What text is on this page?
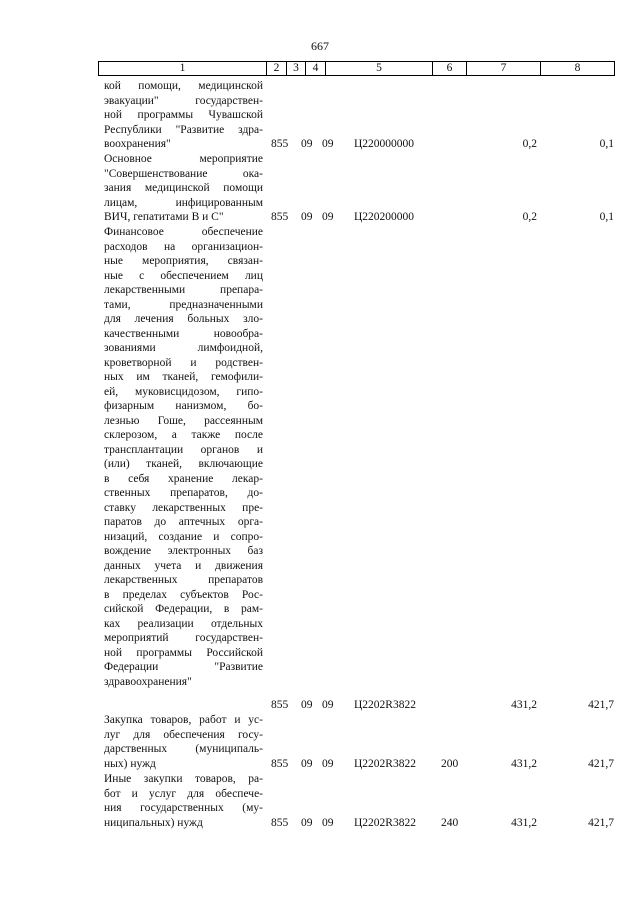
667
1	2	3	4	5	6	7	8
кой помощи, медицинской
эвакуации" государствен-
ной программы Чувашской
Республики "Развитие здра-
воохранения"	855 09 09 Ц220000000	0,2	0,1
Основное мероприятие
"Совершенствование ока-
зания медицинской помощи
лицам, инфицированным
ВИЧ, гепатитами В и С"	855 09 09 Ц220200000	0,2	0,1
Финансовое обеспечение
расходов на организацион-
ные мероприятия, связан-
ные с обеспечением лиц
лекарственными препара-
тами, предназначенными
для лечения больных зло-
качественными новообра-
зованиями лимфоидной,
кроветворной и родствен-
ных им тканей, гемофили-
ей, муковисцидозом, гипо-
физарным нанизмом, бо-
лезнью Гоше, рассеянным
склерозом, а также после
трансплантации органов и
(или) тканей, включающие
в себя хранение лекар-
ственных препаратов, до-
ставку лекарственных пре-
паратов до аптечных орга-
низаций, создание и сопро-
вождение электронных баз
данных учета и движения
лекарственных препаратов
в пределах субъектов Рос-
сийской Федерации, в рам-
ках реализации отдельных
мероприятий государствен-
ной программы Российской
Федерации "Развитие
здравоохранения"
855 09 09 Ц2202R3822	431,2	421,7
Закупка товаров, работ и ус-
луг для обеспечения госу-
дарственных (муниципаль-
ных) нужд	855 09 09 Ц2202R3822 200	431,2	421,7
Иные закупки товаров, ра-
бот и услуг для обеспече-
ния государственных (му-
ниципальных) нужд	855 09 09 Ц2202R3822 240	431,2	421,7
